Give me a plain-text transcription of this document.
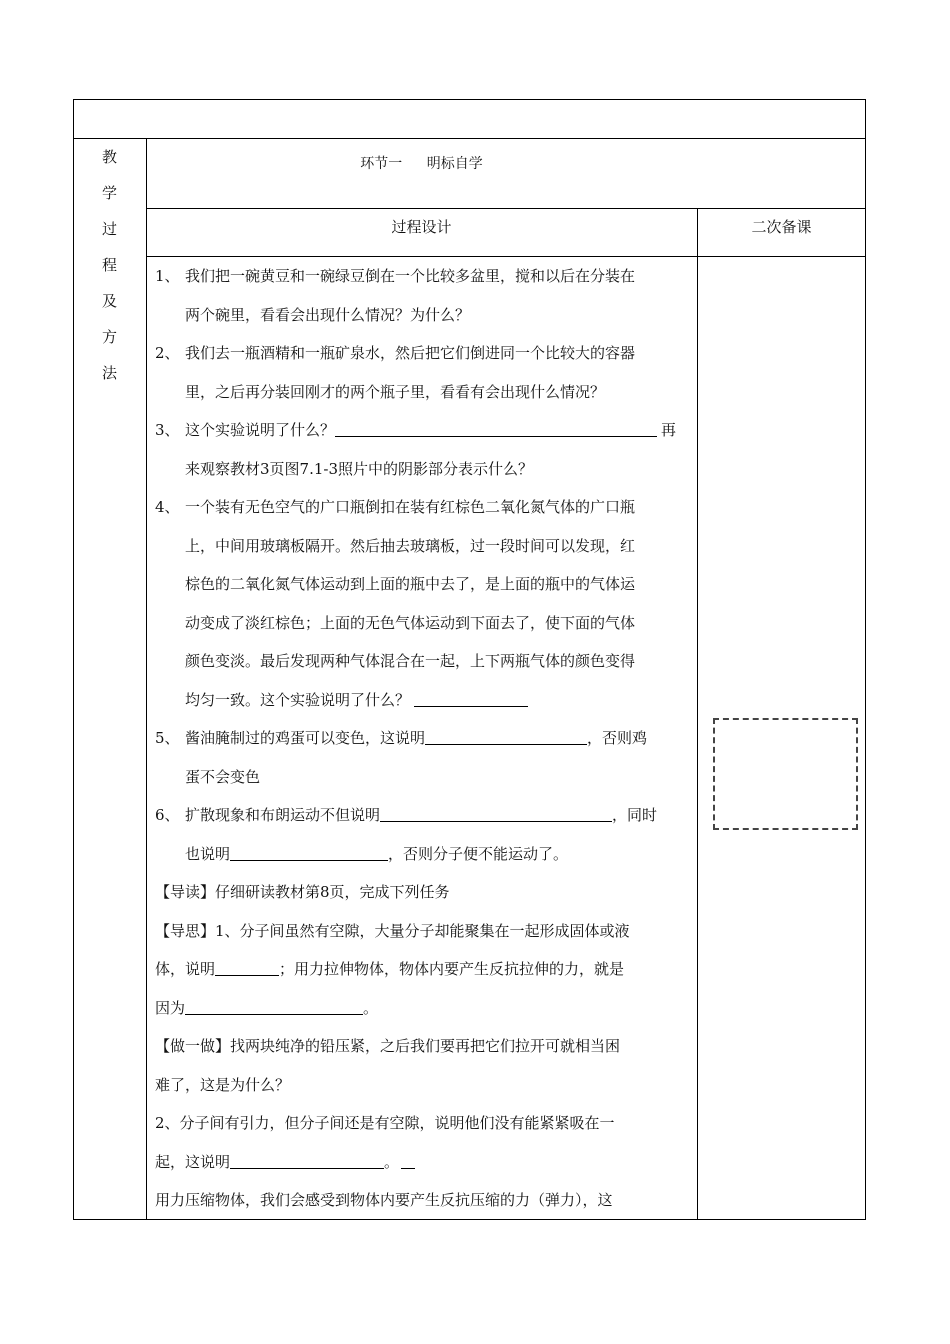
教
学
过
程
及
方
法
环节一 明标自学
过程设计	二次备课
1、 我们把一碗黄豆和一碗绿豆倒在一个比较多盆里，搅和以后在分装在
两个碗里，看看会出现什么情况？为什么？
2、 我们去一瓶酒精和一瓶矿泉水，然后把它们倒进同一个比较大的容器
里，之后再分装回刚才的两个瓶子里，看看有会出现什么情况？
3、 这个实验说明了什么？	再
来观察教材3页图7.1-3照片中的阴影部分表示什么？
4、 一个装有无色空气的广口瓶倒扣在装有红棕色二氧化氮气体的广口瓶
上，中间用玻璃板隔开。然后抽去玻璃板，过一段时间可以发现，红
棕色的二氧化氮气体运动到上面的瓶中去了，是上面的瓶中的气体运
动变成了淡红棕色；上面的无色气体运动到下面去了，使下面的气体
颜色变淡。最后发现两种气体混合在一起，上下两瓶气体的颜色变得
均匀一致。这个实验说明了什么？
5、 酱油腌制过的鸡蛋可以变色，这说明	，否则鸡
蛋不会变色
6、 扩散现象和布朗运动不但说明	，同时
也说明	，否则分子便不能运动了。
【导读】仔细研读教材第8页，完成下列任务
【导思】1、分子间虽然有空隙，大量分子却能聚集在一起形成固体或液
体，说明	；用力拉伸物体，物体内要产生反抗拉伸的力，就是
因为	。
【做一做】找两块纯净的铅压紧，之后我们要再把它们拉开可就相当困
难了，这是为什么？
2、分子间有引力，但分子间还是有空隙，说明他们没有能紧紧吸在一
起，这说明	。
用力压缩物体，我们会感受到物体内要产生反抗压缩的力（弹力），这
